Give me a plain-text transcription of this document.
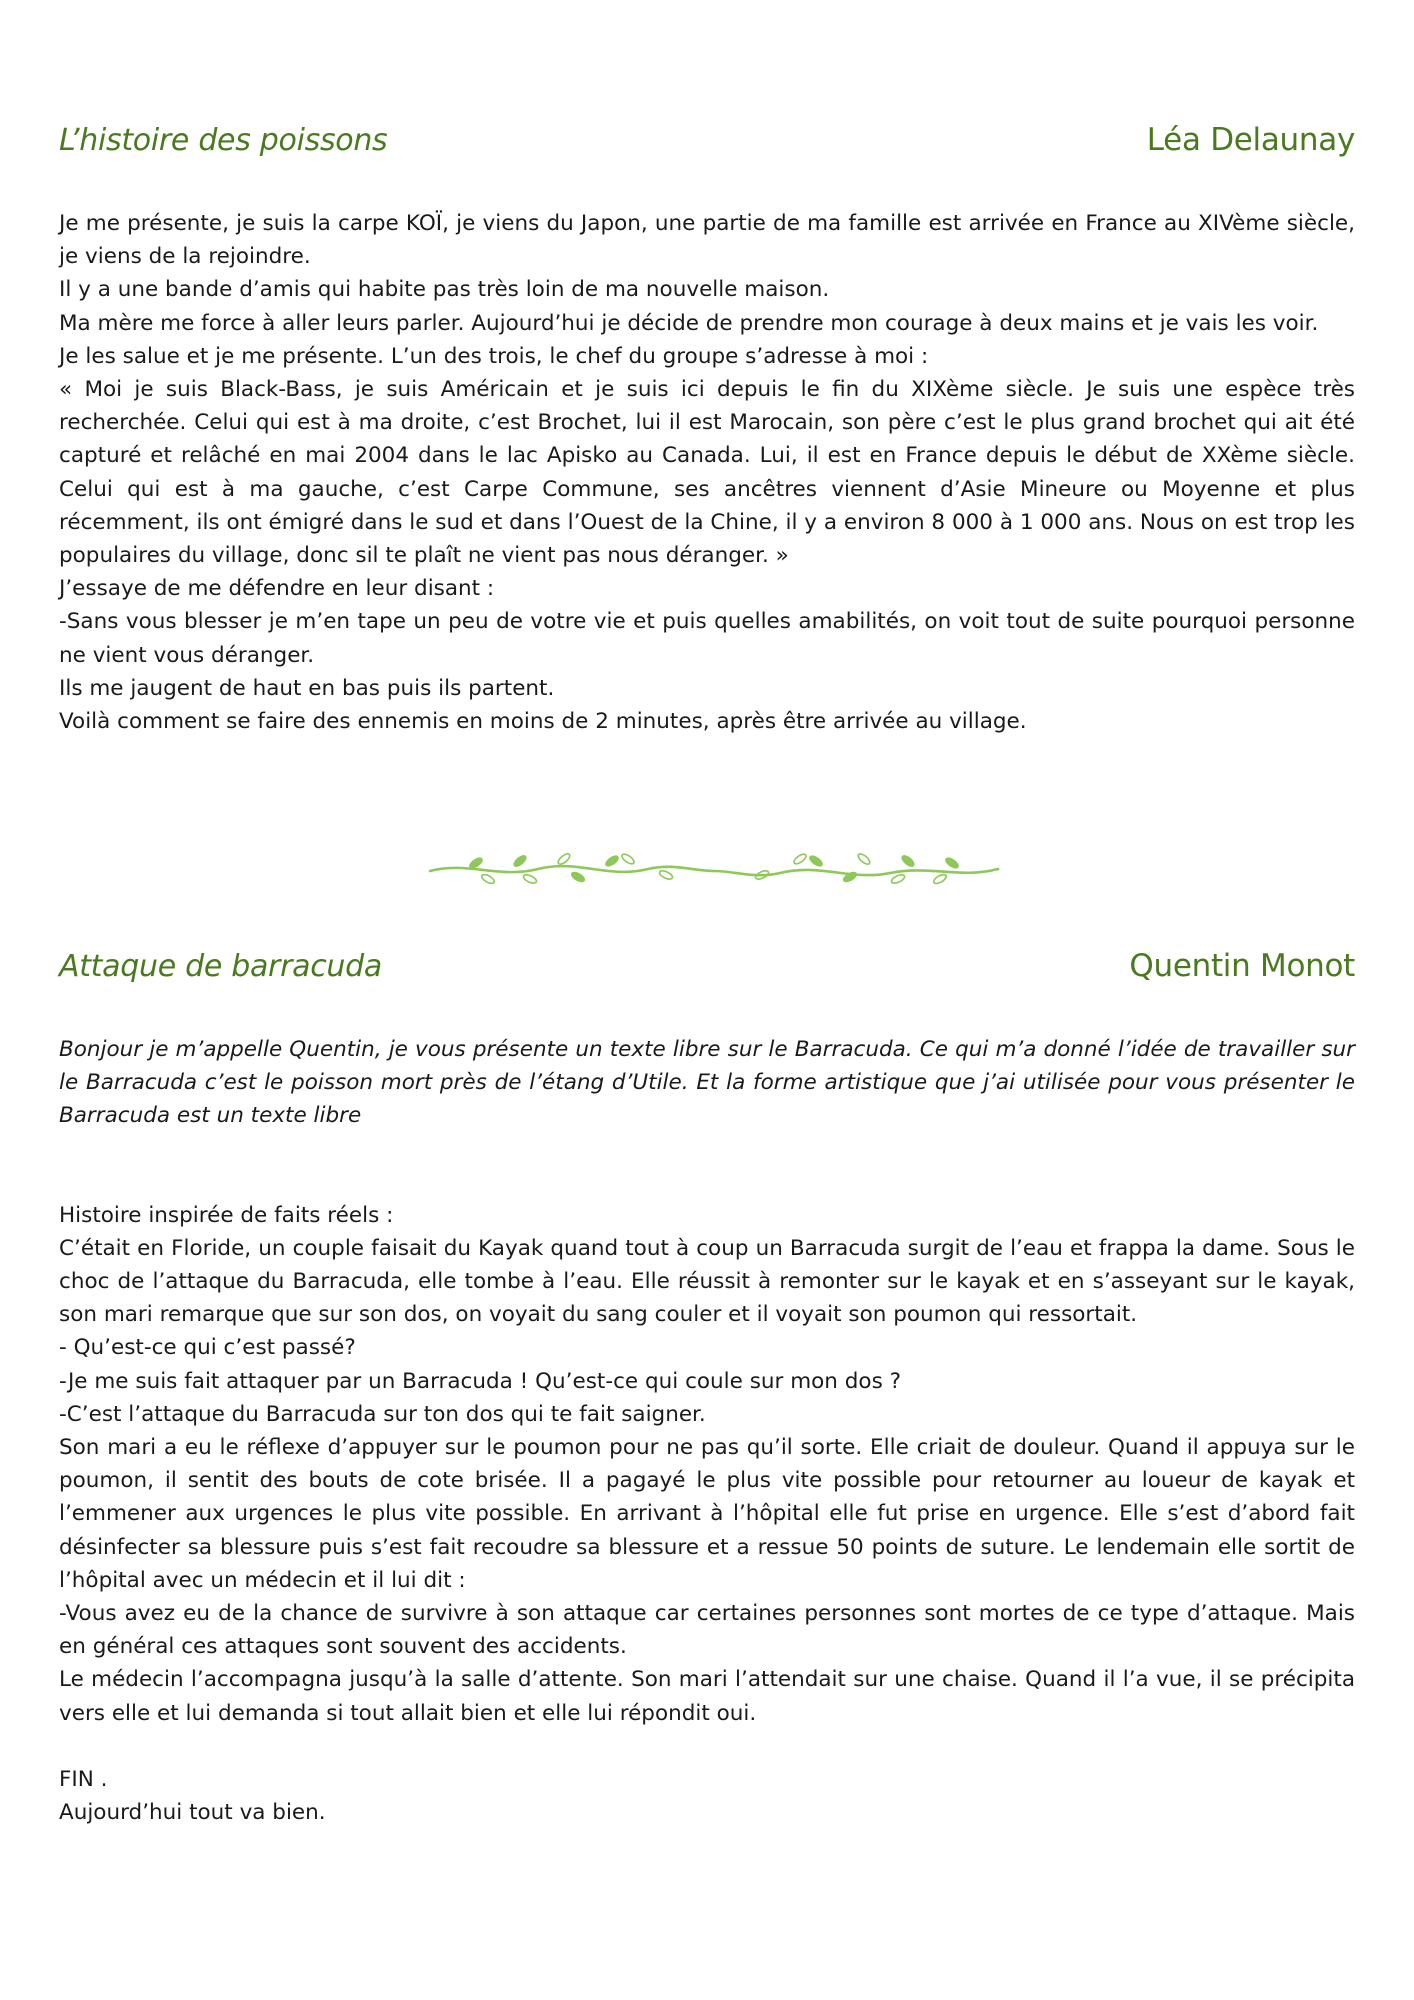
L’histoire des poissons	Léa Delaunay

Je me présente, je suis la carpe KOÏ, je viens du Japon, une partie de ma famille est arrivée en France au XIVème siècle, je viens de la rejoindre.

Il y a une bande d’amis qui habite pas très loin de ma nouvelle maison.

Ma mère me force à aller leurs parler. Aujourd’hui je décide de prendre mon courage à deux mains et je vais les voir.

Je les salue et je me présente. L’un des trois, le chef du groupe s’adresse à moi :

« Moi je suis Black-Bass, je suis Américain et je suis ici depuis le fin du XIXème siècle. Je suis une espèce très recherchée. Celui qui est à ma droite, c’est Brochet, lui il est Marocain, son père c’est le plus grand brochet qui ait été capturé et relâché en mai 2004 dans le lac Apisko au Canada. Lui, il est en France depuis le début de XXème siècle. Celui qui est à ma gauche, c’est Carpe Commune, ses ancêtres viennent d’Asie Mineure ou Moyenne et plus récemment, ils ont émigré dans le sud et dans l’Ouest de la Chine, il y a environ 8 000 à 1 000 ans. Nous on est trop les populaires du village, donc sil te plaît ne vient pas nous déranger. »

J’essaye de me défendre en leur disant :

-Sans vous blesser je m’en tape un peu de votre vie et puis quelles amabilités, on voit tout de suite pourquoi personne ne vient vous déranger.

Ils me jaugent de haut en bas puis ils partent.

Voilà comment se faire des ennemis en moins de 2 minutes, après être arrivée au village.

Attaque de barracuda	Quentin Monot

Bonjour je m’appelle Quentin, je vous présente un texte libre sur le Barracuda. Ce qui m’a donné l’idée de travailler sur le Barracuda c’est le poisson mort près de l’étang d’Utile. Et la forme artistique que j’ai utilisée pour vous présenter le Barracuda est un texte libre

Histoire inspirée de faits réels :

C’était en Floride, un couple faisait du Kayak quand tout à coup un Barracuda surgit de l’eau et frappa la dame. Sous le choc de l’attaque du Barracuda, elle tombe à l’eau. Elle réussit à remonter sur le kayak et en s’asseyant sur le kayak, son mari remarque que sur son dos, on voyait du sang couler et il voyait son poumon qui ressortait.

- Qu’est-ce qui c’est passé?

-Je me suis fait attaquer par un Barracuda ! Qu’est-ce qui coule sur mon dos ?

-C’est l’attaque du Barracuda sur ton dos qui te fait saigner.

Son mari a eu le réflexe d’appuyer sur le poumon pour ne pas qu’il sorte. Elle criait de douleur. Quand il appuya sur le poumon, il sentit des bouts de cote brisée. Il a pagayé le plus vite possible pour retourner au loueur de kayak et l’emmener aux urgences le plus vite possible. En arrivant à l’hôpital elle fut prise en urgence. Elle s’est d’abord fait désinfecter sa blessure puis s’est fait recoudre sa blessure et a ressue 50 points de suture. Le lendemain elle sortit de l’hôpital avec un médecin et il lui dit :

-Vous avez eu de la chance de survivre à son attaque car certaines personnes sont mortes de ce type d’attaque. Mais en général ces attaques sont souvent des accidents.

Le médecin l’accompagna jusqu’à la salle d’attente. Son mari l’attendait sur une chaise. Quand il l’a vue, il se précipita vers elle et lui demanda si tout allait bien et elle lui répondit oui.

FIN .

Aujourd’hui tout va bien.
